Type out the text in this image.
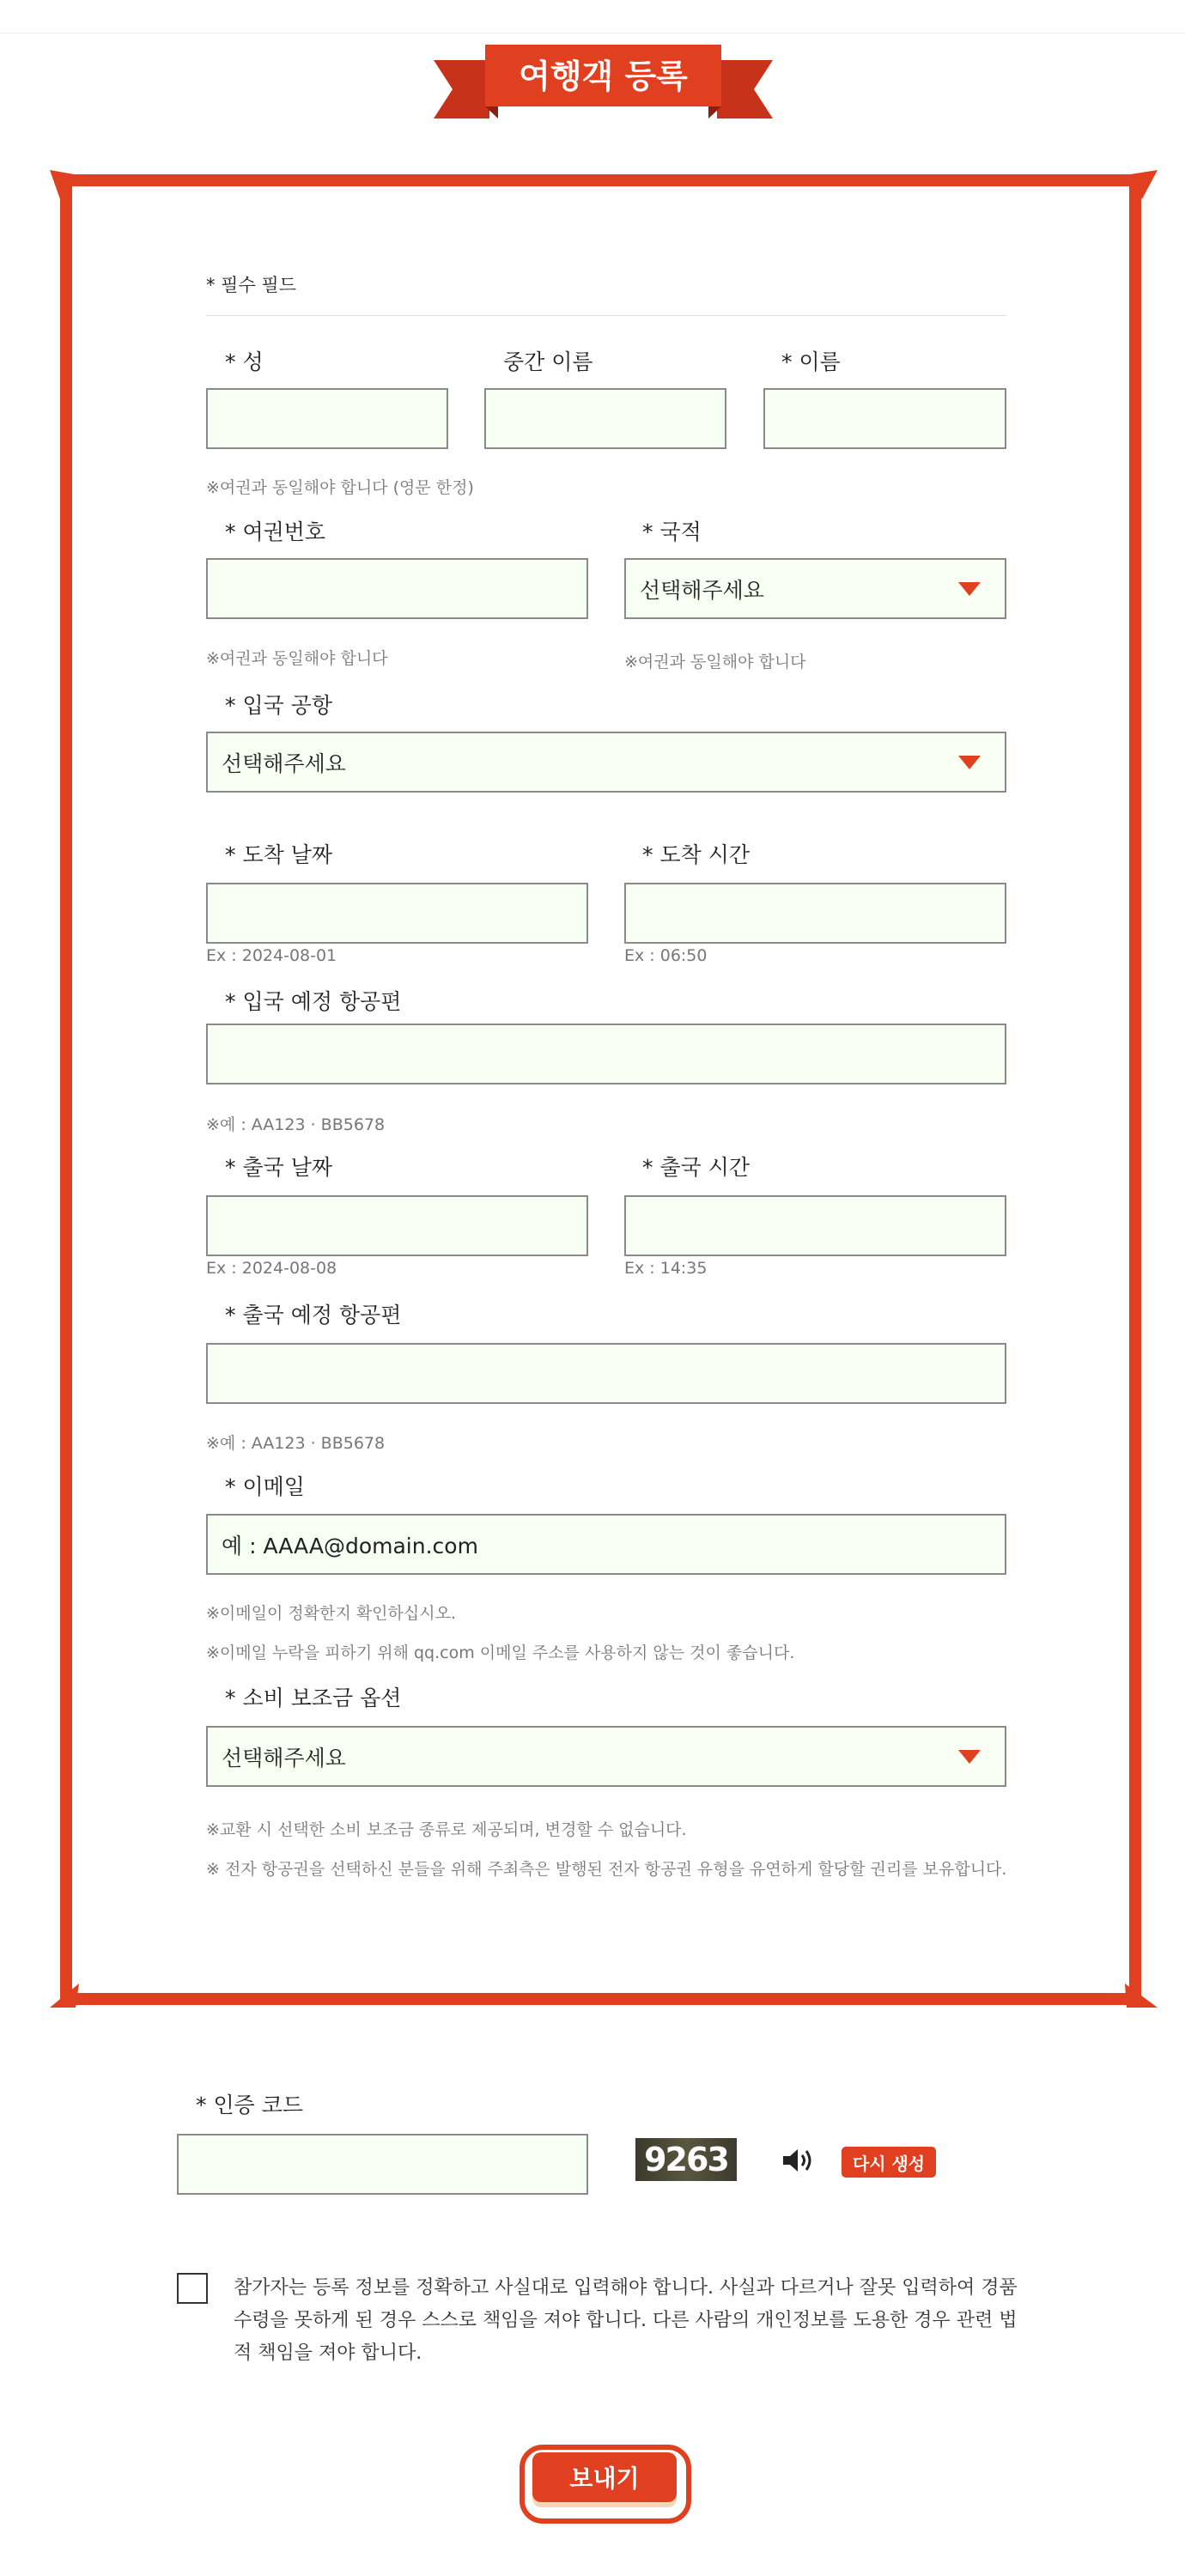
여행객 등록
* 필수 필드
* 성	중간 이름	* 이름
※여권과 동일해야 합니다 (영문 한정)
* 여권번호	* 국적
선택해주세요
※여권과 동일해야 합니다	※여권과 동일해야 합니다
* 입국 공항
선택해주세요
* 도착 날짜	* 도착 시간
Ex : 2024-08-01	Ex : 06:50
* 입국 예정 항공편
※예 : AA123 · BB5678
* 출국 날짜	* 출국 시간
Ex : 2024-08-08	Ex : 14:35
* 출국 예정 항공편
※예 : AA123 · BB5678
* 이메일
예 : AAAA@domain.com
※이메일이 정확한지 확인하십시오.
※이메일 누락을 피하기 위해 qq.com 이메일 주소를 사용하지 않는 것이 좋습니다.
* 소비 보조금 옵션
선택해주세요
※교환 시 선택한 소비 보조금 종류로 제공되며, 변경할 수 없습니다.
※ 전자 항공권을 선택하신 분들을 위해 주최측은 발행된 전자 항공권 유형을 유연하게 할당할 권리를 보유합니다.
* 인증 코드
9263	다시 생성
참가자는 등록 정보를 정확하고 사실대로 입력해야 합니다. 사실과 다르거나 잘못 입력하여 경품 수령을 못하게 된 경우 스스로 책임을 져야 합니다. 다른 사람의 개인정보를 도용한 경우 관련 법적 책임을 져야 합니다.
보내기
